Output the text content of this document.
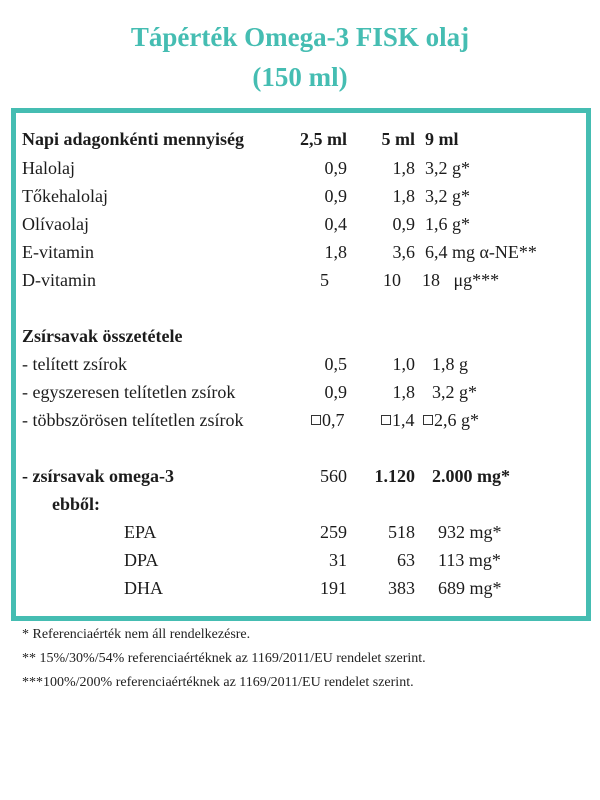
Tápérték Omega-3 FISK olaj
(150 ml)
Napi adagonkénti mennyiség	2,5 ml 5 ml 9 ml
Halolaj	0,9	1,8 3,2 g*
Tőkehalolaj	0,9	1,8 3,2 g*
Olívaolaj	0,4	0,9 1,6 g*
E-vitamin	1,8	3,6 6,4 mg α-NE**
D-vitamin	5	10 18   μg***
Zsírsavak összetétele
- telített zsírok	0,5	1,0 1,8 g
- egyszeresen telítetlen zsírok	0,9	1,8 3,2 g*
- többszörösen telítetlen zsírok	0,7	1,4	2,6 g*
- zsírsavak omega-3	560 1.120 2.000 mg*
ebből:
EPA	259 518 932 mg*
DPA	31	63 113 mg*
DHA	191 383 689 mg*
* Referenciaérték nem áll rendelkezésre.
** 15%/30%/54% referenciaértéknek az 1169/2011/EU rendelet szerint.
***100%/200% referenciaértéknek az 1169/2011/EU rendelet szerint.
